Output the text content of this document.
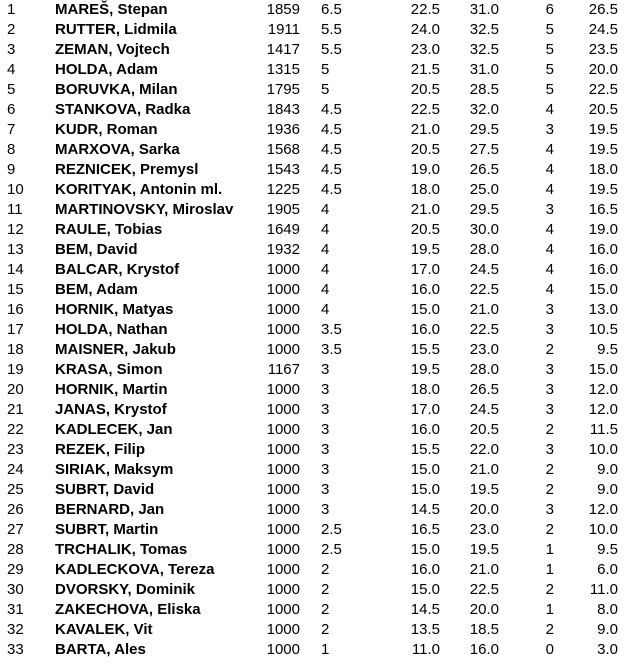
1	MAREŠ, Stepan	1859 6.5	22.5	31.0	6	26.5
2	RUTTER, Lidmila	1911 5.5	24.0	32.5	5	24.5
3	ZEMAN, Vojtech	1417 5.5	23.0	32.5	5	23.5
4	HOLDA, Adam	1315 5	21.5	31.0	5	20.0
5	BORUVKA, Milan	1795 5	20.5	28.5	5	22.5
6	STANKOVA, Radka	1843 4.5	22.5	32.0	4	20.5
7	KUDR, Roman	1936 4.5	21.0	29.5	3	19.5
8	MARXOVA, Sarka	1568 4.5	20.5	27.5	4	19.5
9	REZNICEK, Premysl	1543 4.5	19.0	26.5	4	18.0
10 KORITYAK, Antonin ml.	1225 4.5	18.0	25.0	4	19.5
11 MARTINOVSKY, Miroslav 1905 4	21.0	29.5	3	16.5
12 RAULE, Tobias	1649 4	20.5	30.0	4	19.0
13 BEM, David	1932 4	19.5	28.0	4	16.0
14 BALCAR, Krystof	1000 4	17.0	24.5	4	16.0
15 BEM, Adam	1000 4	16.0	22.5	4	15.0
16 HORNIK, Matyas	1000 4	15.0	21.0	3	13.0
17 HOLDA, Nathan	1000 3.5	16.0	22.5	3	10.5
18 MAISNER, Jakub	1000 3.5	15.5	23.0	2	9.5
19 KRASA, Simon	1167 3	19.5	28.0	3	15.0
20 HORNIK, Martin	1000 3	18.0	26.5	3	12.0
21 JANAS, Krystof	1000 3	17.0	24.5	3	12.0
22 KADLECEK, Jan	1000 3	16.0	20.5	2	11.5
23 REZEK, Filip	1000 3	15.5	22.0	3	10.0
24 SIRIAK, Maksym	1000 3	15.0	21.0	2	9.0
25 SUBRT, David	1000 3	15.0	19.5	2	9.0
26 BERNARD, Jan	1000 3	14.5	20.0	3	12.0
27 SUBRT, Martin	1000 2.5	16.5	23.0	2	10.0
28 TRCHALIK, Tomas	1000 2.5	15.0	19.5	1	9.5
29 KADLECKOVA, Tereza	1000 2	16.0	21.0	1	6.0
30 DVORSKY, Dominik	1000 2	15.0	22.5	2	11.0
31 ZAKECHOVA, Eliska	1000 2	14.5	20.0	1	8.0
32 KAVALEK, Vit	1000 2	13.5	18.5	2	9.0
33 BARTA, Ales	1000 1	11.0	16.0	0	3.0
